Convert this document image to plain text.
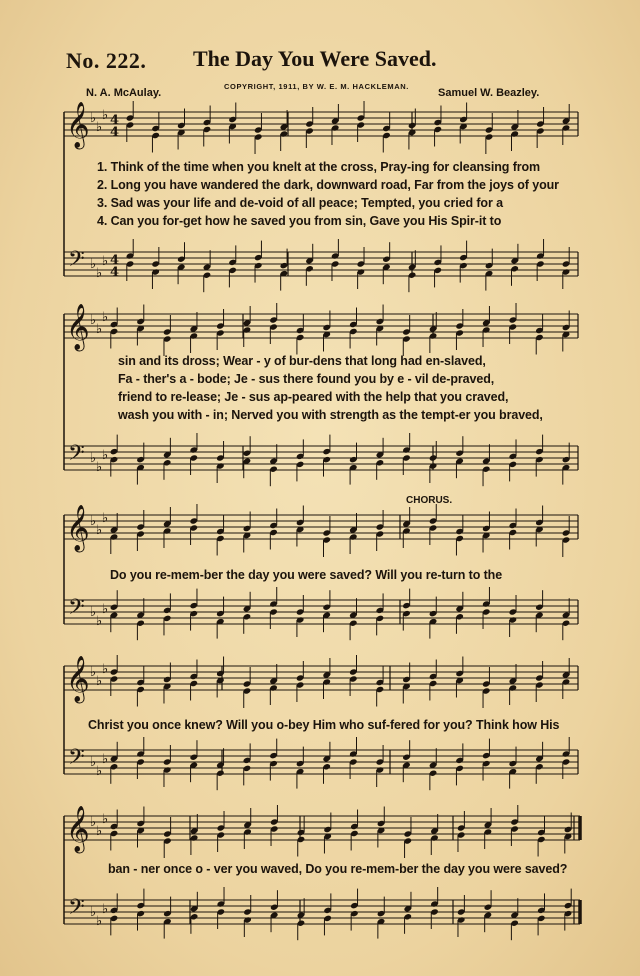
No. 222. The Day You Were Saved.
COPYRIGHT, 1911, BY W. E. M. HACKLEMAN.
N. A. McAulay.	Samuel W. Beazley.
𝄞
𝄢
♭
♭
♭
♭
♭
♭
4
4
4
4
𝄞
𝄢
♭
♭
♭
♭
♭
♭
𝄞
𝄢
♭
♭
♭
♭
♭
♭
𝄞
𝄢
♭
♭
♭
♭
♭
♭
𝄞
𝄢
♭
♭
♭
♭
♭
♭
1. Think of the time when you knelt at the cross, Pray-ing for cleansing from
2. Long you have wandered the dark, downward road, Far from the joys of your
3. Sad was your life and de-void of all peace; Tempted, you cried for a
4. Can you for-get how he saved you from sin, Gave you His Spir-it to
sin and its dross; Wear - y of bur-dens that long had en-slaved,
Fa - ther's a - bode; Je - sus there found you by e - vil de-praved,
friend to re-lease; Je - sus ap-peared with the help that you craved,
wash you with - in; Nerved you with strength as the tempt-er you braved,
CHORUS.
Do you re-mem-ber the day you were saved? Will you re-turn to the
Christ you once knew? Will you o-bey Him who suf-fered for you? Think how His
ban - ner once o - ver you waved, Do you re-mem-ber the day you were saved?
